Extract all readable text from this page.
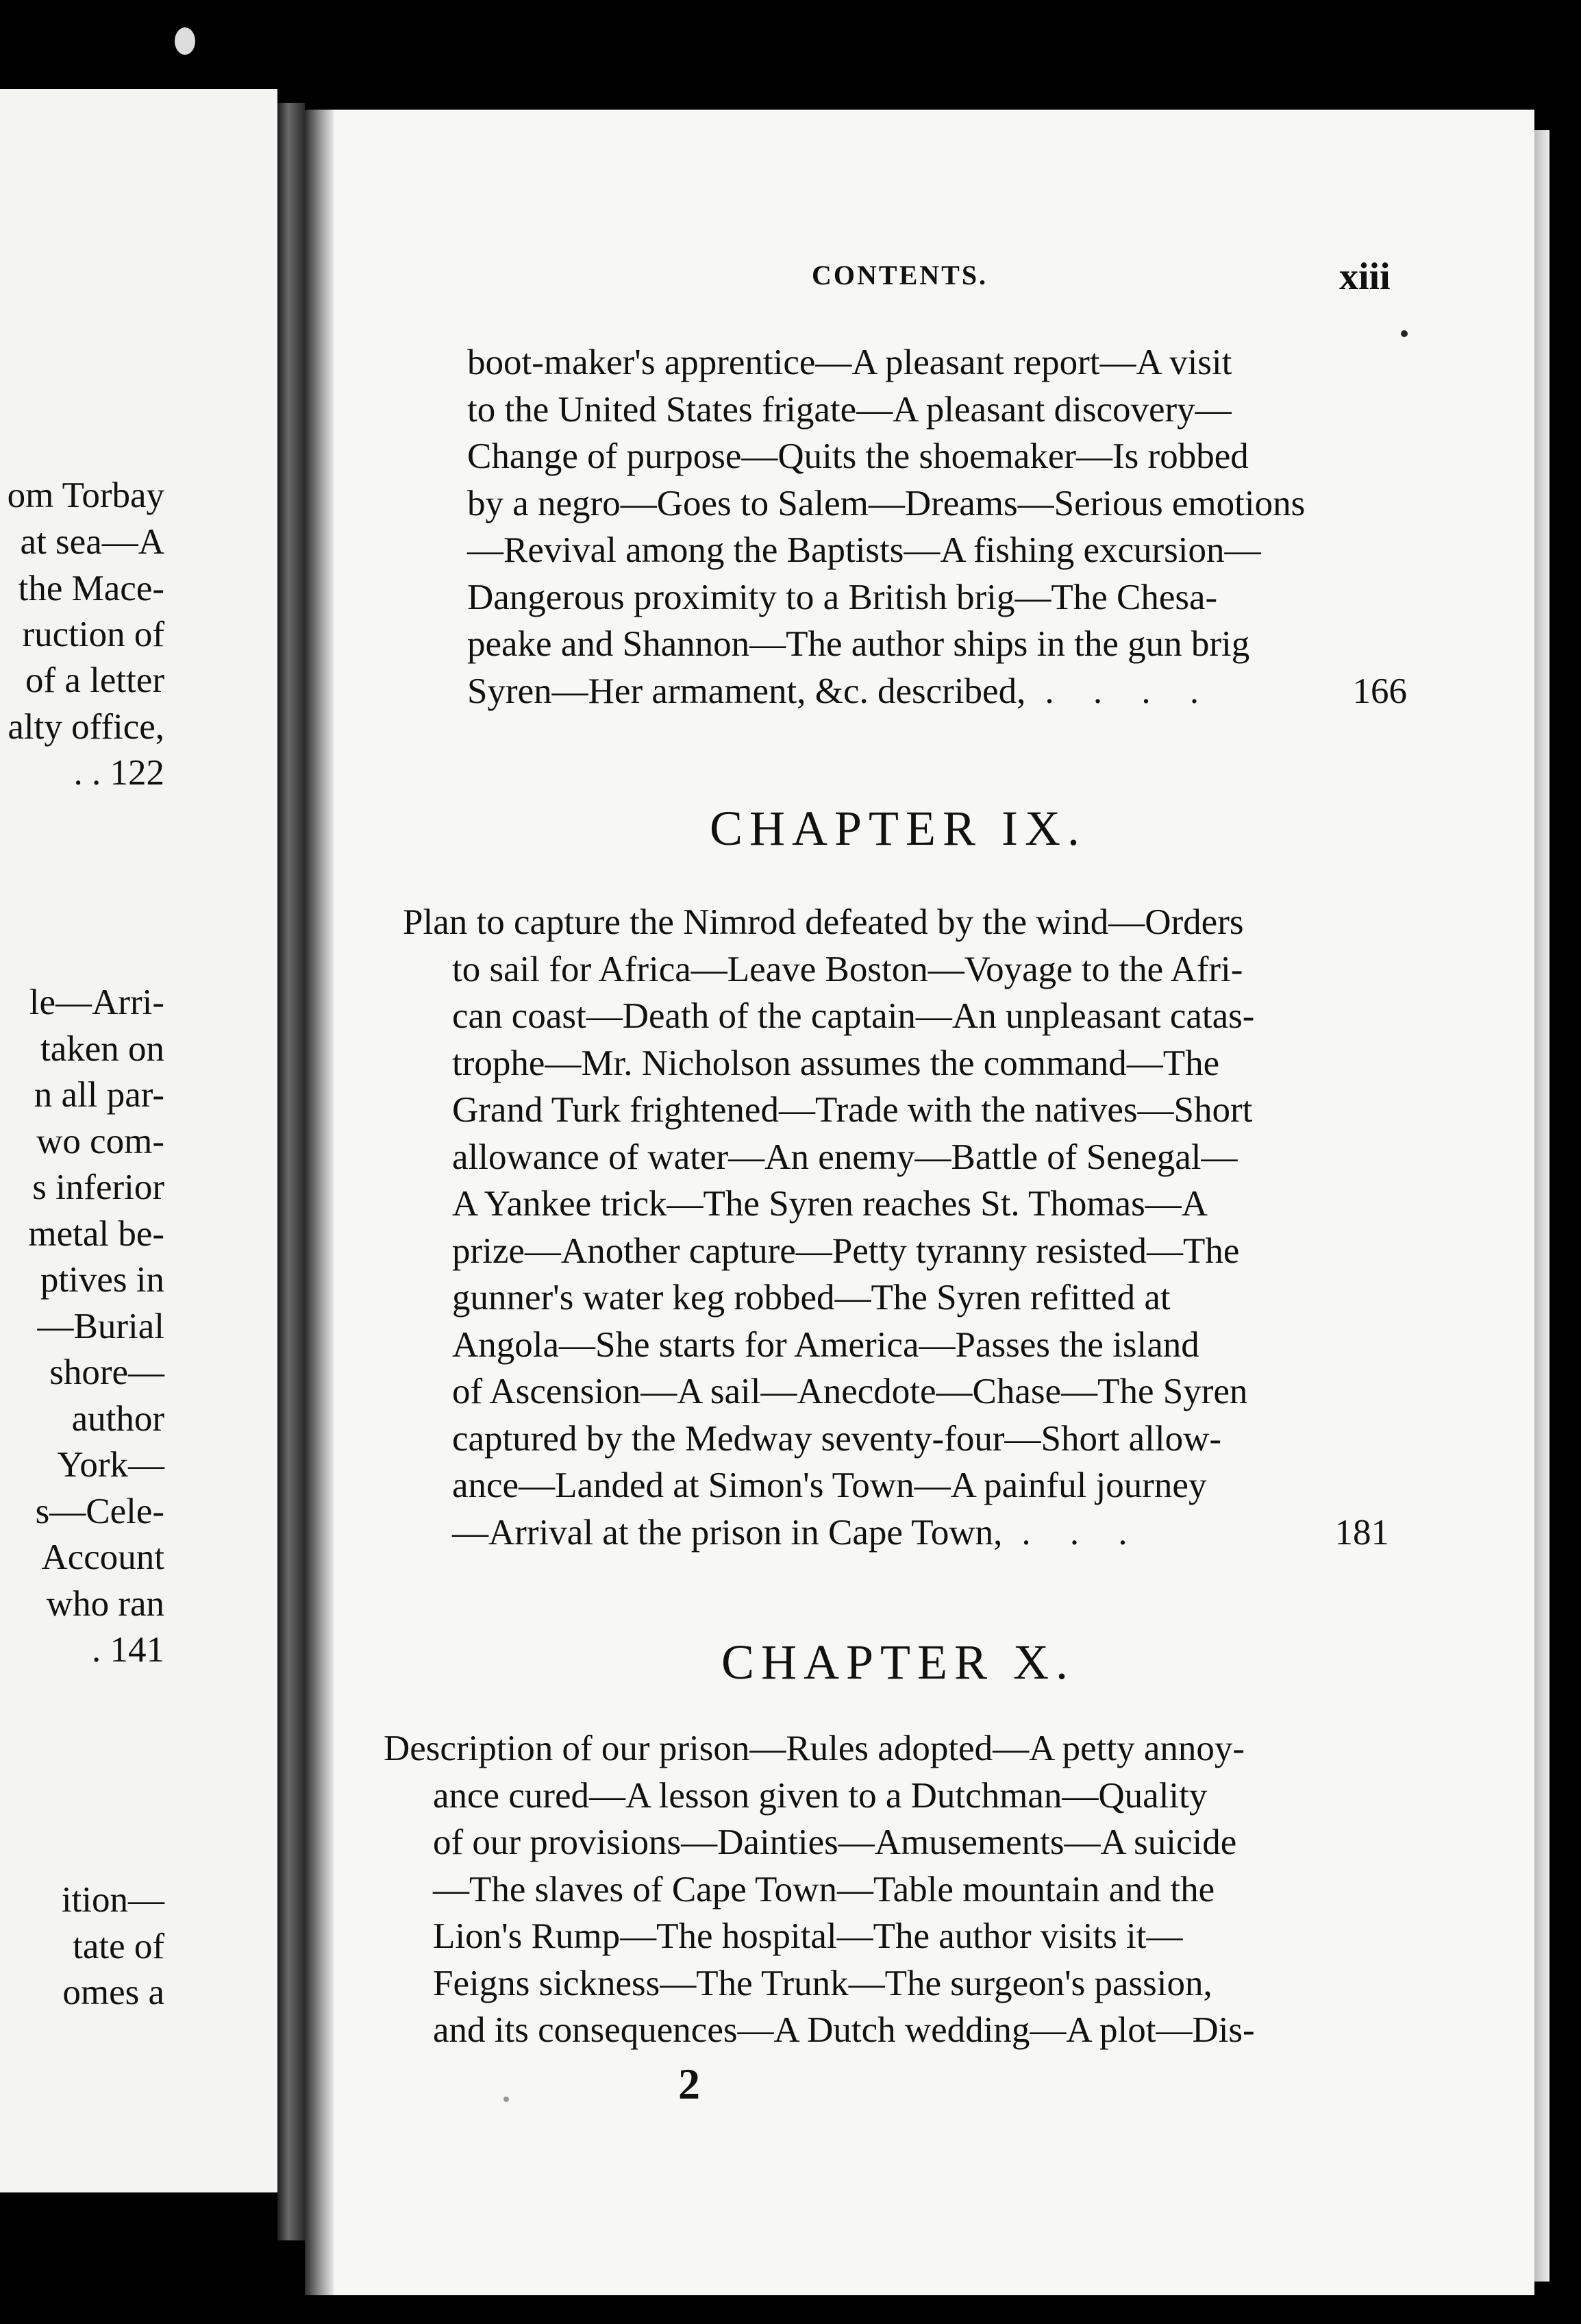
om Torbay
at sea—A
the Mace-
ruction of
of a letter
alty office,
. . 122
le—Arri-
taken on
n all par-
wo com-
s inferior
metal be-
ptives in
—Burial
shore—
author
York—
s—Cele-
Account
who ran
. 141
ition—
tate of
omes a
CONTENTS.	xiii
boot-maker's apprentice—A pleasant report—A visit
to the United States frigate—A pleasant discovery—
Change of purpose—Quits the shoemaker—Is robbed
by a negro—Goes to Salem—Dreams—Serious emotions
—Revival among the Baptists—A fishing excursion—
Dangerous proximity to a British brig—The Chesa-
peake and Shannon—The author ships in the gun brig
Syren—Her armament, &c. described, . . . .	166
CHAPTER IX.
Plan to capture the Nimrod defeated by the wind—Orders
to sail for Africa—Leave Boston—Voyage to the Afri-
can coast—Death of the captain—An unpleasant catas-
trophe—Mr. Nicholson assumes the command—The
Grand Turk frightened—Trade with the natives—Short
allowance of water—An enemy—Battle of Senegal—
A Yankee trick—The Syren reaches St. Thomas—A
prize—Another capture—Petty tyranny resisted—The
gunner's water keg robbed—The Syren refitted at
Angola—She starts for America—Passes the island
of Ascension—A sail—Anecdote—Chase—The Syren
captured by the Medway seventy-four—Short allow-
ance—Landed at Simon's Town—A painful journey
—Arrival at the prison in Cape Town, . . .	181
CHAPTER X.
Description of our prison—Rules adopted—A petty annoy-
ance cured—A lesson given to a Dutchman—Quality
of our provisions—Dainties—Amusements—A suicide
—The slaves of Cape Town—Table mountain and the
Lion's Rump—The hospital—The author visits it—
Feigns sickness—The Trunk—The surgeon's passion,
and its consequences—A Dutch wedding—A plot—Dis-
2
